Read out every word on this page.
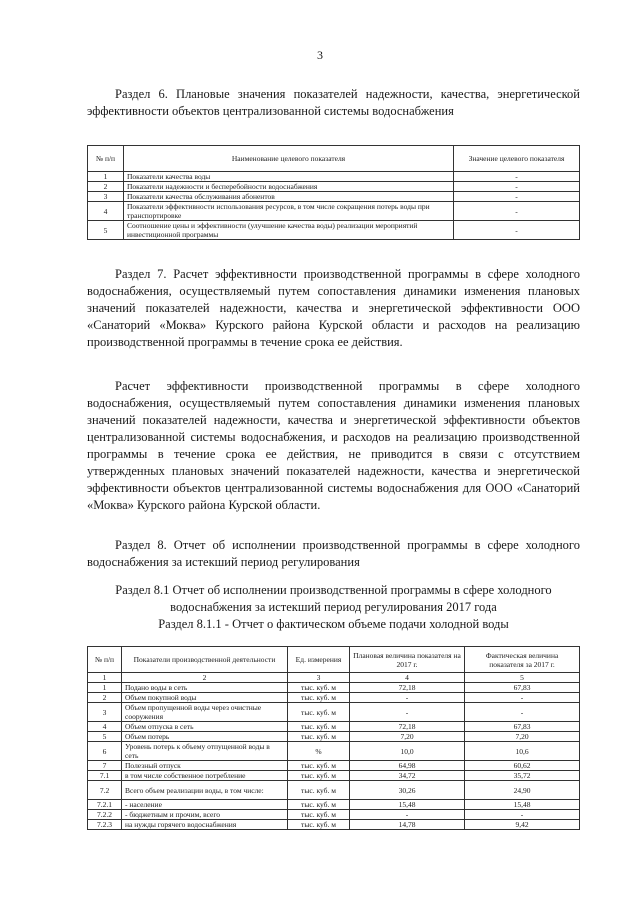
3

Раздел 6. Плановые значения показателей надежности, качества, энергетической эффективности объектов централизованной системы водоснабжения

№ п/п	Наименование целевого показателя	Значение целевого показателя
1	Показатели качества воды	-
2	Показатели надежности и бесперебойности водоснабжения	-
3	Показатели качества обслуживания абонентов	-
4	Показатели эффективности использования ресурсов, в том числе сокращения потерь воды при транспортировке	-
5	Соотношение цены и эффективности (улучшение качества воды) реализации мероприятий инвестиционной программы	-

Раздел 7. Расчет эффективности производственной программы в сфере холодного водоснабжения, осуществляемый путем сопоставления динамики изменения плановых значений показателей надежности, качества и энергетической эффективности ООО «Санаторий «Моква» Курского района Курской области и расходов на реализацию производственной программы в течение срока ее действия.

Расчет эффективности производственной программы в сфере холодного водоснабжения, осуществляемый путем сопоставления динамики изменения плановых значений показателей надежности, качества и энергетической эффективности объектов централизованной системы водоснабжения, и расходов на реализацию производственной программы в течение срока ее действия, не приводится в связи с отсутствием утвержденных плановых значений показателей надежности, качества и энергетической эффективности объектов централизованной системы водоснабжения для ООО «Санаторий «Моква» Курского района Курской области.

Раздел 8. Отчет об исполнении производственной программы в сфере холодного водоснабжения за истекший период регулирования

Раздел 8.1 Отчет об исполнении производственной программы в сфере холодного водоснабжения за истекший период регулирования 2017 года

Раздел 8.1.1 - Отчет о фактическом объеме подачи холодной воды

№ п/п	Показатели производственной деятельности	Ед. измерения	Плановая величина показателя на 2017 г.	Фактическая величина показателя за 2017 г.
1	2	3	4	5
1	Подано воды в сеть	тыс. куб. м	72,18	67,83
2	Объем покупной воды	тыс. куб. м	-	-
3	Объем пропущенной воды через очистные сооружения	тыс. куб. м	-	-
4	Объем отпуска в сеть	тыс. куб. м	72,18	67,83
5	Объем потерь	тыс. куб. м	7,20	7,20
6	Уровень потерь к объему отпущенной воды в сеть	%	10,0	10,6
7	Полезный отпуск	тыс. куб. м	64,98	60,62
7.1	в том числе собственное потребление	тыс. куб. м	34,72	35,72
7.2	Всего объем реализации воды, в том числе:	тыс. куб. м	30,26	24,90
7.2.1	- население	тыс. куб. м	15,48	15,48
7.2.2	- бюджетным и прочим, всего	тыс. куб. м	-	-
7.2.3	на нужды горячего водоснабжения	тыс. куб. м	14,78	9,42
